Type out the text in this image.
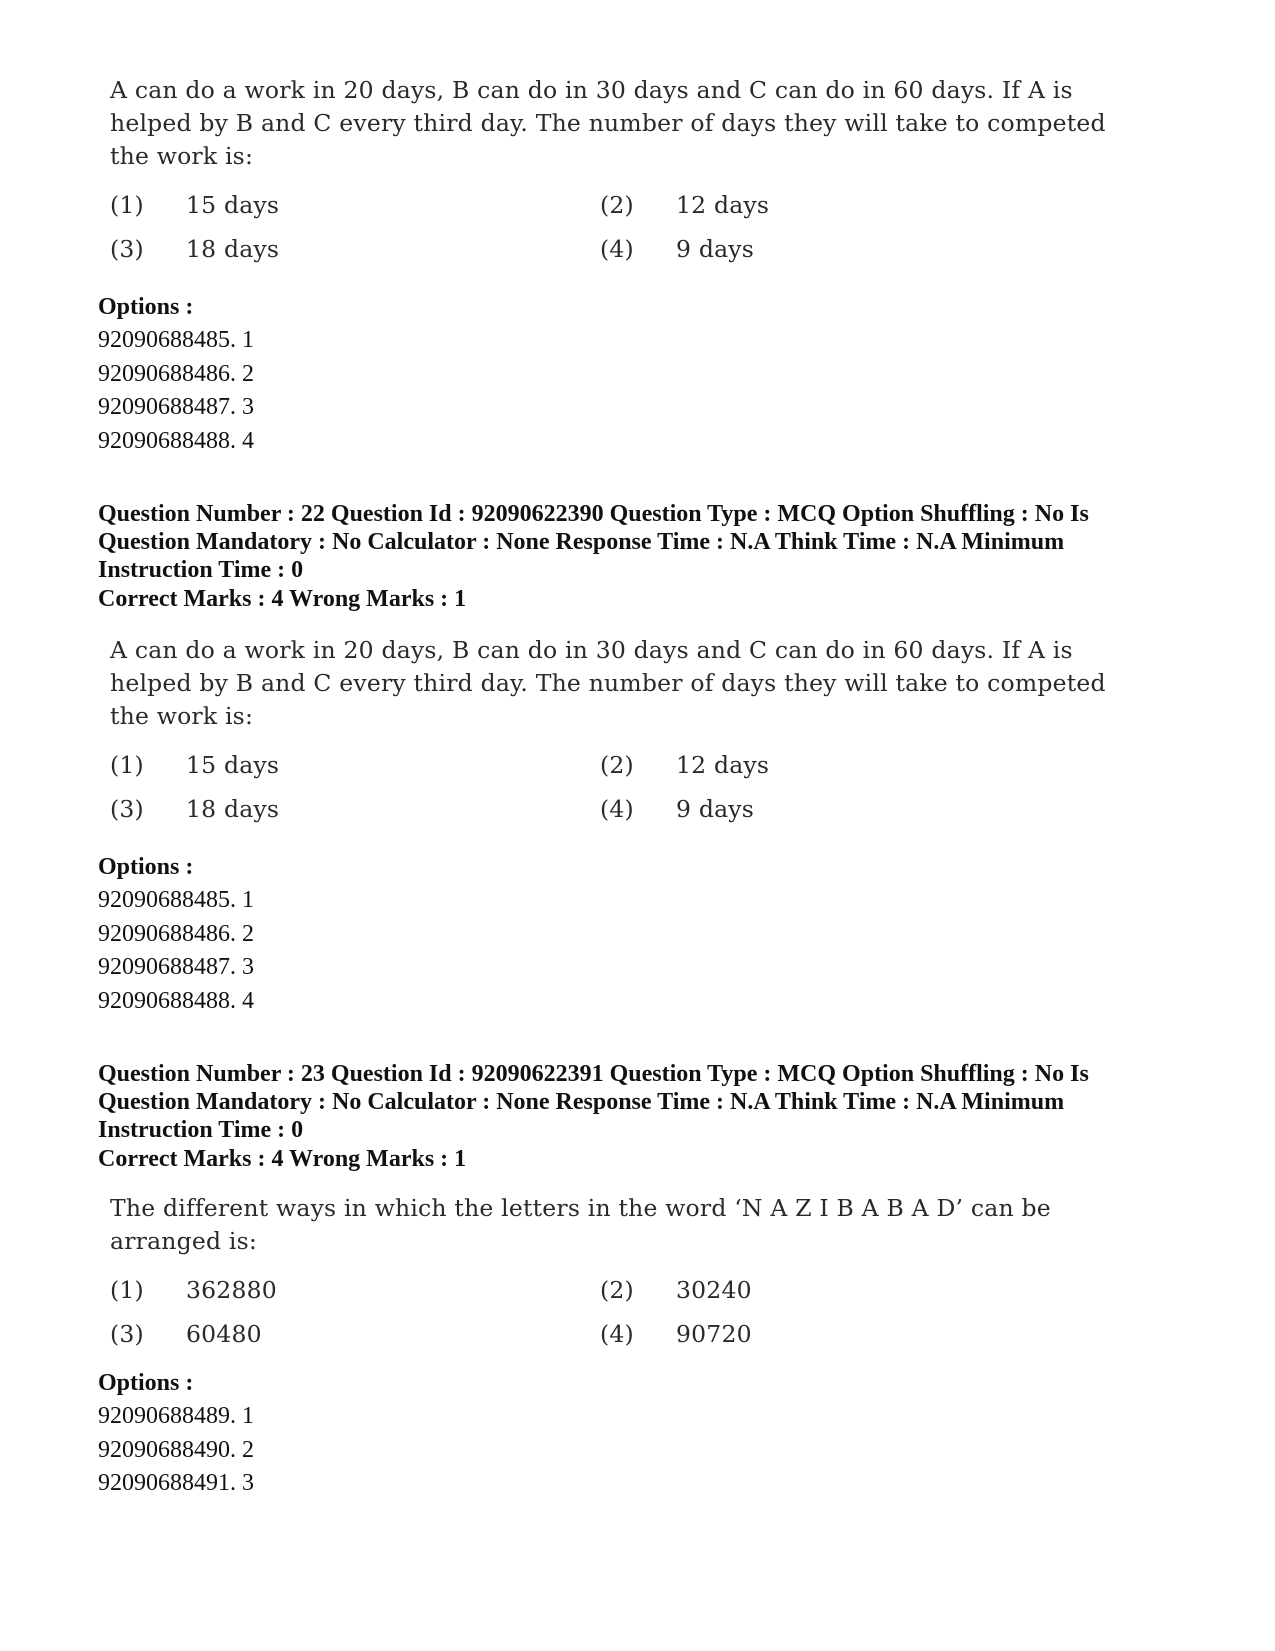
A can do a work in 20 days, B can do in 30 days and C can do in 60 days. If A is helped by B and C every third day. The number of days they will take to competed the work is:

(1) 15 days	(2) 12 days
(3) 18 days	(4) 9 days
Options :
92090688485. 1
92090688486. 2
92090688487. 3
92090688488. 4
Question Number : 22 Question Id : 92090622390 Question Type : MCQ Option Shuffling : No Is
Question Mandatory : No Calculator : None Response Time : N.A Think Time : N.A Minimum
Instruction Time : 0
Correct Marks : 4 Wrong Marks : 1

A can do a work in 20 days, B can do in 30 days and C can do in 60 days. If A is helped by B and C every third day. The number of days they will take to competed the work is:

(1) 15 days	(2) 12 days
(3) 18 days	(4) 9 days
Options :
92090688485. 1
92090688486. 2
92090688487. 3
92090688488. 4
Question Number : 23 Question Id : 92090622391 Question Type : MCQ Option Shuffling : No Is
Question Mandatory : No Calculator : None Response Time : N.A Think Time : N.A Minimum
Instruction Time : 0
Correct Marks : 4 Wrong Marks : 1

The different ways in which the letters in the word ‘N A Z I B A B A D’ can be arranged is:

(1) 362880	(2) 30240
(3) 60480	(4) 90720
Options :
92090688489. 1
92090688490. 2
92090688491. 3
